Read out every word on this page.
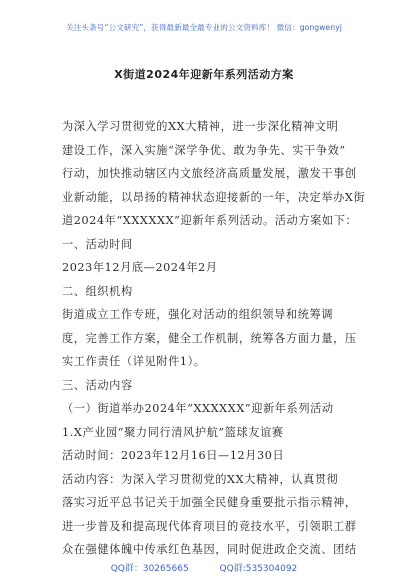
关注头条号“公文研究”，获得最新最全最专业的公文资料库！ 微信：gongwenyj
X街道2024年迎新年系列活动方案
为深入学习贯彻党的XX大精神，进一步深化精神文明
建设工作，深入实施“深学争优、敢为争先、实干争效”
行动，加快推动辖区内文旅经济高质量发展，激发干事创
业新动能，以昂扬的精神状态迎接新的一年，决定举办X街
道2024年“XXXXXX”迎新年系列活动。活动方案如下：
一、活动时间
2023年12月底—2024年2月
二、组织机构
街道成立工作专班，强化对活动的组织领导和统筹调
度，完善工作方案，健全工作机制，统筹各方面力量，压
实工作责任（详见附件1）。
三、活动内容
（一）街道举办2024年“XXXXXX”迎新年系列活动
1.X产业园“聚力同行清风护航”篮球友谊赛
活动时间：2023年12月16日—12月30日
活动内容：为深入学习贯彻党的XX大精神，认真贯彻
落实习近平总书记关于加强全民健身重要批示指示精神，
进一步普及和提高现代体育项目的竞技水平，引领职工群
众在强健体魄中传承红色基因，同时促进政企交流、团结
QQ群：30265665	QQ群:535304092
